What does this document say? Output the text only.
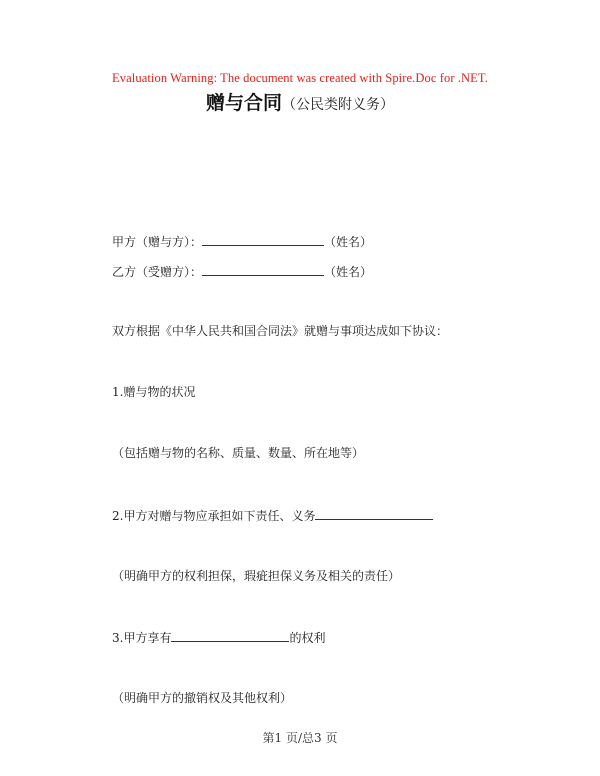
Evaluation Warning: The document was created with Spire.Doc for .NET.
赠与合同（公民类附义务）
甲方（赠与方）：	（姓名）
乙方（受赠方）：	（姓名）
双方根据《中华人民共和国合同法》就赠与事项达成如下协议：
1.赠与物的状况
（包括赠与物的名称、质量、数量、所在地等）
2.甲方对赠与物应承担如下责任、义务
（明确甲方的权利担保，瑕疵担保义务及相关的责任）
3.甲方享有	的权利
（明确甲方的撤销权及其他权利）
第1 页/总3 页
